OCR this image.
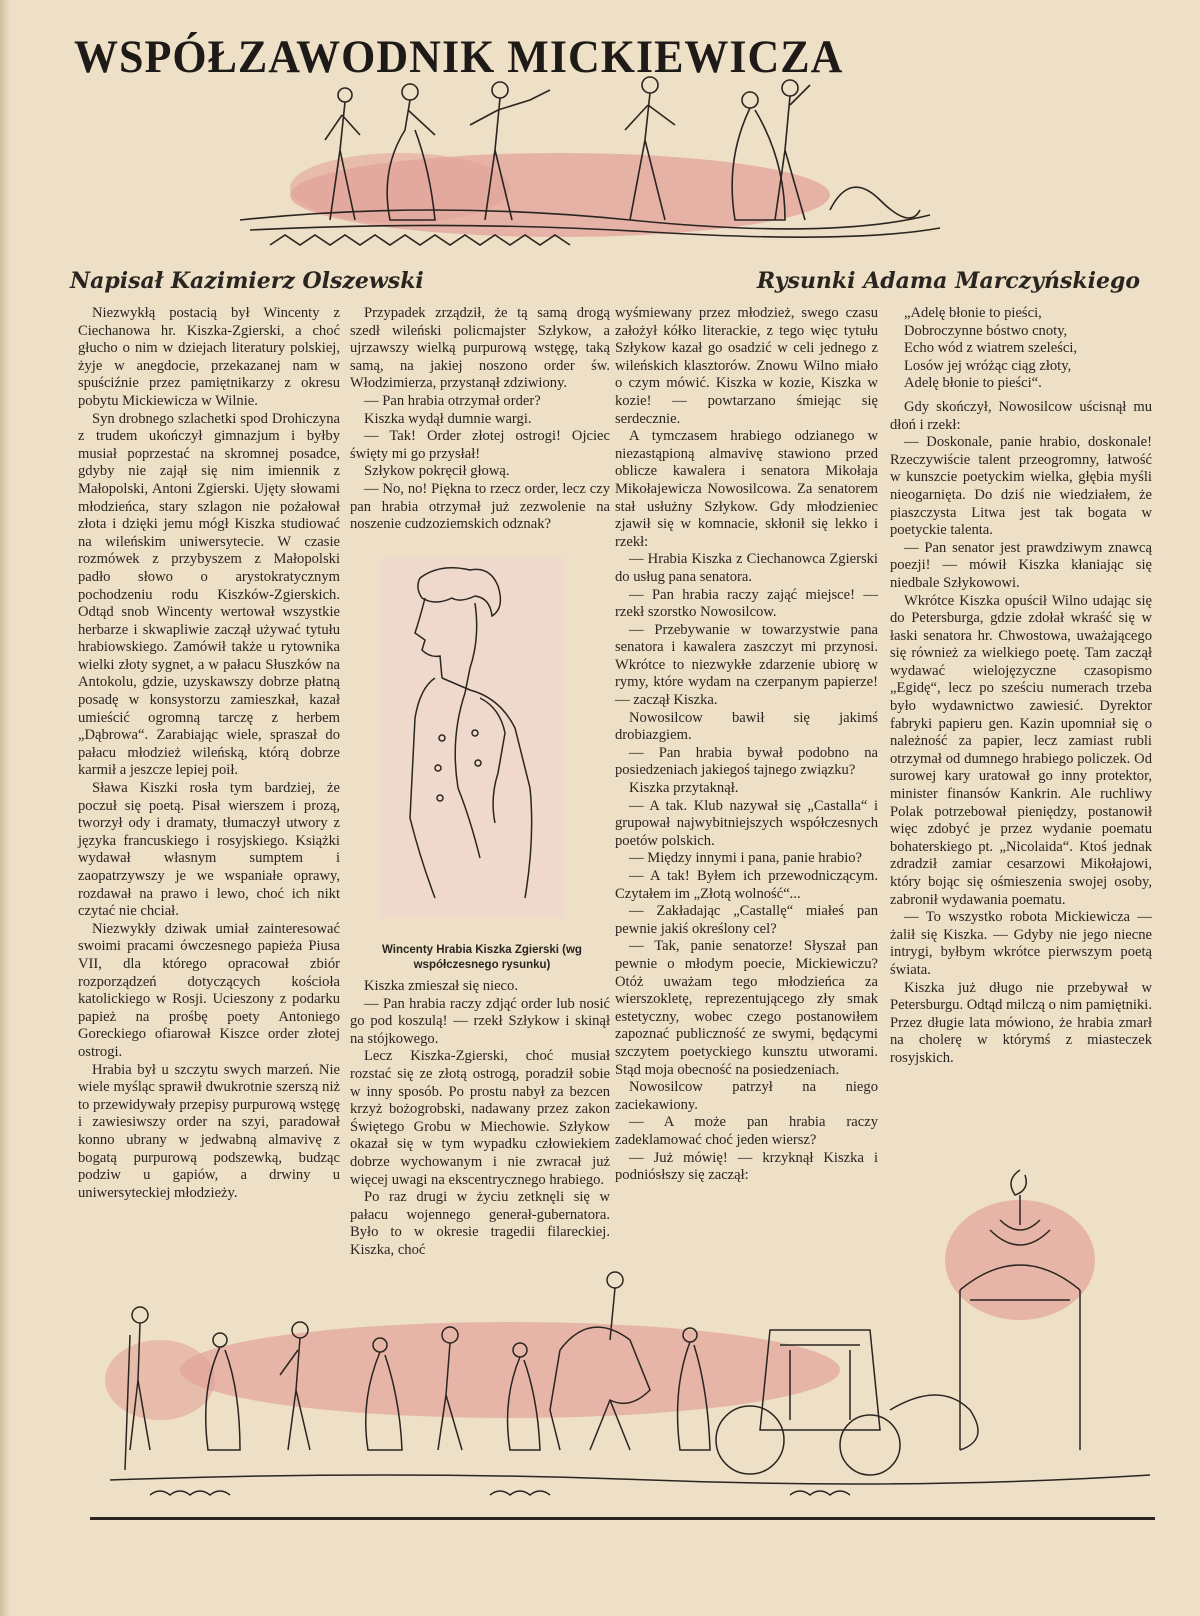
WSPÓŁZAWODNIK MICKIEWICZA
Napisał Kazimierz Olszewski	Rysunki Adama Marczyńskiego

Niezwykłą postacią był Wincenty z Ciechanowa hr. Kiszka-Zgierski, a choć głucho o nim w dziejach literatury polskiej, żyje w anegdocie, przekazanej nam w spuściźnie przez pamiętnikarzy z okresu pobytu Mickiewicza w Wilnie.

Syn drobnego szlachetki spod Drohiczyna z trudem ukończył gimnazjum i byłby musiał poprzestać na skromnej posadce, gdyby nie zajął się nim imiennik z Małopolski, Antoni Zgierski. Ujęty słowami młodzieńca, stary szlagon nie pożałował złota i dzięki jemu mógł Kiszka studiować na wileńskim uniwersytecie. W czasie rozmówek z przybyszem z Małopolski padło słowo o arystokratycznym pochodzeniu rodu Kiszków-Zgierskich. Odtąd snob Wincenty wertował wszystkie herbarze i skwapliwie zaczął używać tytułu hrabiowskiego. Zamówił także u rytownika wielki złoty sygnet, a w pałacu Słuszków na Antokolu, gdzie, uzyskawszy dobrze płatną posadę w konsystorzu zamieszkał, kazał umieścić ogromną tarczę z herbem „Dąbrowa“. Zarabiając wiele, spraszał do pałacu młodzież wileńską, którą dobrze karmił a jeszcze lepiej poił.

Sława Kiszki rosła tym bardziej, że poczuł się poetą. Pisał wierszem i prozą, tworzył ody i dramaty, tłumaczył utwory z języka francuskiego i rosyjskiego. Książki wydawał własnym sumptem i zaopatrzywszy je we wspaniałe oprawy, rozdawał na prawo i lewo, choć ich nikt czytać nie chciał.

Niezwykły dziwak umiał zainteresować swoimi pracami ówczesnego papieża Piusa VII, dla którego opracował zbiór rozporządzeń dotyczących kościoła katolickiego w Rosji. Ucieszony z podarku papież na prośbę poety Antoniego Goreckiego ofiarował Kiszce order złotej ostrogi.

Hrabia był u szczytu swych marzeń. Nie wiele myśląc sprawił dwukrotnie szerszą niż to przewidywały przepisy purpurową wstęgę i zawiesiwszy order na szyi, paradował konno ubrany w jedwabną almavivę z bogatą purpurową podszewką, budząc podziw u gapiów, a drwiny u uniwersyteckiej młodzieży.

Przypadek zrządził, że tą samą drogą szedł wileński policmajster Szłykow, a ujrzawszy wielką purpurową wstęgę, taką samą, na jakiej noszono order św. Włodzimierza, przystanął zdziwiony.

— Pan hrabia otrzymał order?

Kiszka wydął dumnie wargi.

— Tak! Order złotej ostrogi! Ojciec święty mi go przysłał!

Szłykow pokręcił głową.

— No, no! Piękna to rzecz order, lecz czy pan hrabia otrzymał już zezwolenie na noszenie cudzoziemskich odznak?

Wincenty Hrabia Kiszka Zgierski (wg współczesnego rysunku)

Kiszka zmieszał się nieco.

— Pan hrabia raczy zdjąć order lub nosić go pod koszulą! — rzekł Szłykow i skinął na stójkowego.

Lecz Kiszka-Zgierski, choć musiał rozstać się ze złotą ostrogą, poradził sobie w inny sposób. Po prostu nabył za bezcen krzyż bożogrobski, nadawany przez zakon Świętego Grobu w Miechowie. Szłykow okazał się w tym wypadku człowiekiem dobrze wychowanym i nie zwracał już więcej uwagi na ekscentrycznego hrabiego.

Po raz drugi w życiu zetknęli się w pałacu wojennego generał-gubernatora. Było to w okresie tragedii filareckiej. Kiszka, choć

wyśmiewany przez młodzież, swego czasu założył kółko literackie, z tego więc tytułu Szłykow kazał go osadzić w celi jednego z wileńskich klasztorów. Znowu Wilno miało o czym mówić. Kiszka w kozie, Kiszka w kozie! — powtarzano śmiejąc się serdecznie.

A tymczasem hrabiego odzianego w niezastąpioną almavivę stawiono przed oblicze kawalera i senatora Mikołaja Mikołajewicza Nowosilcowa. Za senatorem stał usłużny Szłykow. Gdy młodzieniec zjawił się w komnacie, skłonił się lekko i rzekł:

— Hrabia Kiszka z Ciechanowca Zgierski do usług pana senatora.

— Pan hrabia raczy zająć miejsce! — rzekł szorstko Nowosilcow.

— Przebywanie w towarzystwie pana senatora i kawalera zaszczyt mi przynosi. Wkrótce to niezwykłe zdarzenie ubiorę w rymy, które wydam na czerpanym papierze! — zaczął Kiszka.

Nowosilcow bawił się jakimś drobiazgiem.

— Pan hrabia bywał podobno na posiedzeniach jakiegoś tajnego związku?

Kiszka przytaknął.

— A tak. Klub nazywał się „Castalla“ i grupował najwybitniejszych współczesnych poetów polskich.

— Między innymi i pana, panie hrabio?

— A tak! Byłem ich przewodniczącym. Czytałem im „Złotą wolność“...

— Zakładając „Castallę“ miałeś pan pewnie jakiś określony cel?

— Tak, panie senatorze! Słyszał pan pewnie o młodym poecie, Mickiewiczu? Otóż uważam tego młodzieńca za wierszokletę, reprezentującego zły smak estetyczny, wobec czego postanowiłem zapoznać publiczność ze swymi, będącymi szczytem poetyckiego kunsztu utworami. Stąd moja obecność na posiedzeniach.

Nowosilcow patrzył na niego zaciekawiony.

— A może pan hrabia raczy zadeklamować choć jeden wiersz?

— Już mówię! — krzyknął Kiszka i podniósłszy się zaczął:

„Adelę błonie to pieści,
Dobroczynne bóstwo cnoty,
Echo wód z wiatrem szeleści,
Losów jej wróżąc ciąg złoty,
Adelę błonie to pieści“.

Gdy skończył, Nowosilcow uścisnął mu dłoń i rzekł:

— Doskonale, panie hrabio, doskonale! Rzeczywiście talent przeogromny, łatwość w kunszcie poetyckim wielka, głębia myśli nieogarnięta. Do dziś nie wiedziałem, że piaszczysta Litwa jest tak bogata w poetyckie talenta.

— Pan senator jest prawdziwym znawcą poezji! — mówił Kiszka kłaniając się niedbale Szłykowowi.

Wkrótce Kiszka opuścił Wilno udając się do Petersburga, gdzie zdołał wkraść się w łaski senatora hr. Chwostowa, uważającego się również za wielkiego poetę. Tam zaczął wydawać wielojęzyczne czasopismo „Egidę“, lecz po sześciu numerach trzeba było wydawnictwo zawiesić. Dyrektor fabryki papieru gen. Kazin upomniał się o należność za papier, lecz zamiast rubli otrzymał od dumnego hrabiego policzek. Od surowej kary uratował go inny protektor, minister finansów Kankrin. Ale ruchliwy Polak potrzebował pieniędzy, postanowił więc zdobyć je przez wydanie poematu bohaterskiego pt. „Nicolaida“. Ktoś jednak zdradził zamiar cesarzowi Mikołajowi, który bojąc się ośmieszenia swojej osoby, zabronił wydawania poematu.

— To wszystko robota Mickiewicza — żalił się Kiszka. — Gdyby nie jego niecne intrygi, byłbym wkrótce pierwszym poetą świata.

Kiszka już długo nie przebywał w Petersburgu. Odtąd milczą o nim pamiętniki. Przez długie lata mówiono, że hrabia zmarł na cholerę w którymś z miasteczek rosyjskich.
